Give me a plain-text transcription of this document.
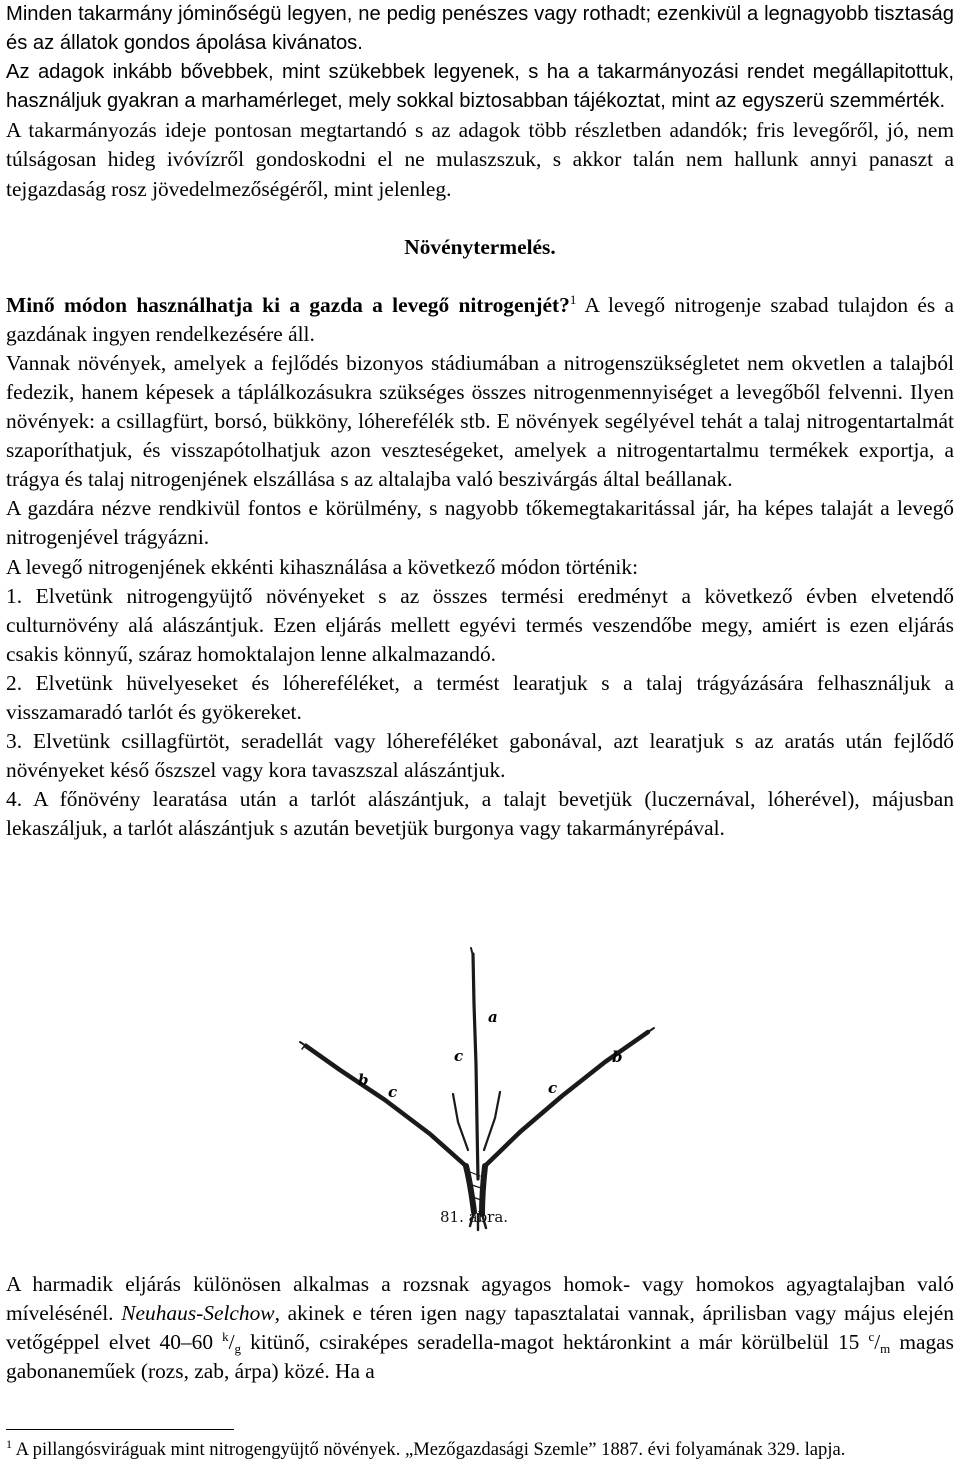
Minden takarmány jóminőségü legyen, ne pedig penészes vagy rothadt; ezenkivül a legnagyobb tisztaság és az állatok gondos ápolása kivánatos.

Az adagok inkább bővebbek, mint szükebbek legyenek, s ha a takarmányozási rendet megállapitottuk, használjuk gyakran a marhamérleget, mely sokkal biztosabban tájékoztat, mint az egyszerü szemmérték.

A takarmányozás ideje pontosan megtartandó s az adagok több részletben adandók; fris levegőről, jó, nem túlságosan hideg ivóvízről gondoskodni el ne mulaszszuk, s akkor talán nem hallunk annyi panaszt a tejgazdaság rosz jövedelmezőségéről, mint jelenleg.

Növénytermelés.

Minő módon használhatja ki a gazda a levegő nitrogenjét?$^1$ A levegő nitrogenje szabad tulajdon és a gazdának ingyen rendelkezésére áll.

Vannak növények, amelyek a fejlődés bizonyos stádiumában a nitrogenszükségletet nem okvetlen a talajból fedezik, hanem képesek a táplálkozásukra szükséges összes nitrogenmennyiséget a levegőből felvenni. Ilyen növények: a csillagfürt, borsó, bükköny, lóherefélék stb. E növények segélyével tehát a talaj nitrogentartalmát szaporíthatjuk, és visszapótolhatjuk azon veszteségeket, amelyek a nitrogentartalmu termékek exportja, a trágya és talaj nitrogenjének elszállása s az altalajba való beszivárgás által beállanak.

A gazdára nézve rendkivül fontos e körülmény, s nagyobb tőkemegtakaritással jár, ha képes talaját a levegő nitrogenjével trágyázni.

A levegő nitrogenjének ekkénti kihasználása a következő módon történik:

1. Elvetünk nitrogengyüjtő növényeket s az összes termési eredményt a következő évben elvetendő culturnövény alá alászántjuk. Ezen eljárás mellett egyévi termés veszendőbe megy, amiért is ezen eljárás csakis könnyű, száraz homoktalajon lenne alkalmazandó.

2. Elvetünk hüvelyeseket és lóhereféléket, a termést learatjuk s a talaj trágyázására felhasználjuk a visszamaradó tarlót és gyökereket.

3. Elvetünk csillagfürtöt, seradellát vagy lóhereféléket gabonával, azt learatjuk s az aratás után fejlődő növényeket késő őszszel vagy kora tavaszszal alászántjuk.

4. A főnövény learatása után a tarlót alászántjuk, a talajt bevetjük (luczernával, lóherével), májusban lekaszáljuk, a tarlót alászántjuk s azután bevetjük burgonya vagy takarmányrépával.

a
c
b
c	c
b
81. ábra.

A harmadik eljárás különösen alkalmas a rozsnak agyagos homok- vagy homokos agyagtalajban való mívelésénél. Neuhaus-Selchow, akinek e téren igen nagy tapasztalatai vannak, áprilisban vagy május elején vetőgéppel elvet 40–60 $^k/_g$ kitünő, csiraképes seradella-magot hektáronkint a már körülbelül 15 $^c/_m$ magas gabonaneműek (rozs, zab, árpa) közé. Ha a

$^1$ A pillangósviráguak mint nitrogengyüjtő növények. „Mezőgazdasági Szemle” 1887. évi folyamának 329. lapja.
